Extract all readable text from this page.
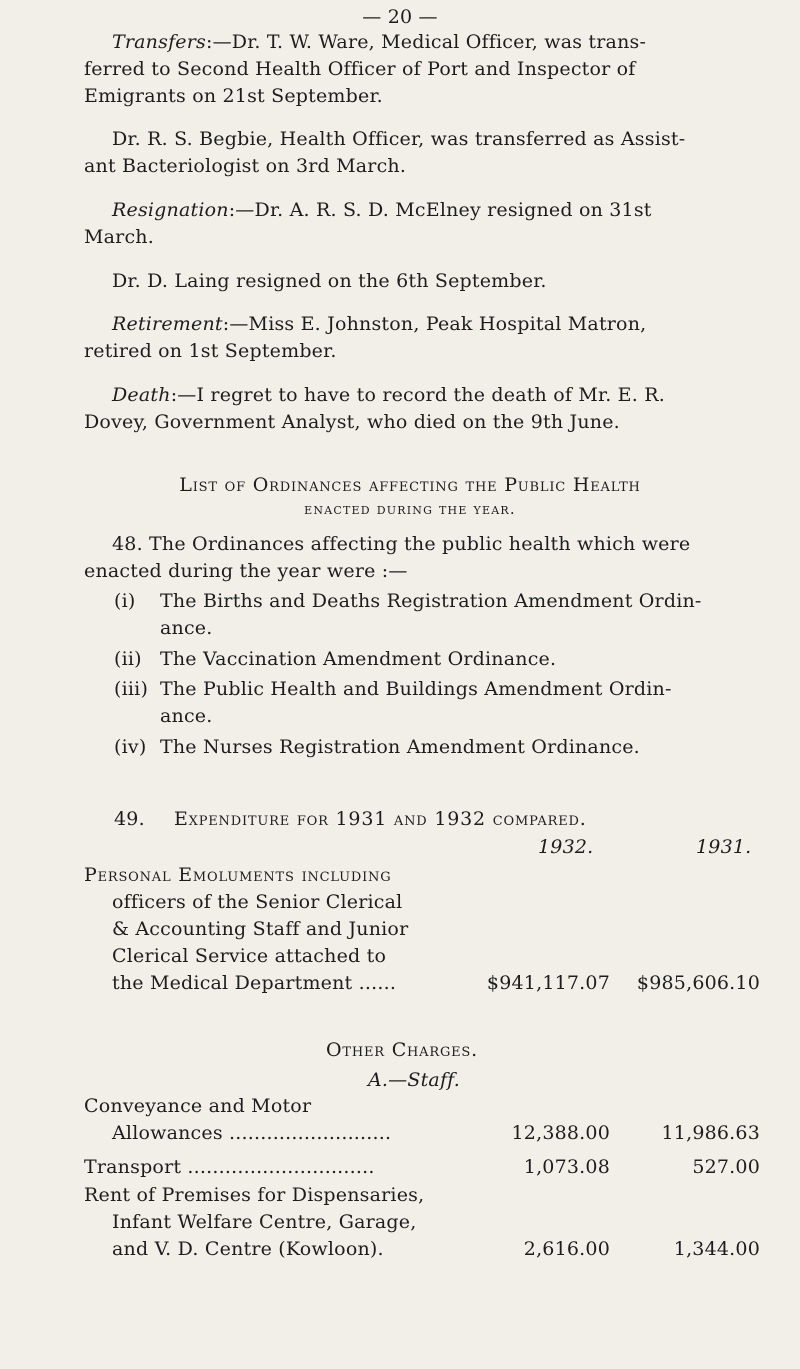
— 20 —
Transfers:—Dr. T. W. Ware, Medical Officer, was trans-
ferred to Second Health Officer of Port and Inspector of
Emigrants on 21st September.
Dr. R. S. Begbie, Health Officer, was transferred as Assist-
ant Bacteriologist on 3rd March.
Resignation:—Dr. A. R. S. D. McElney resigned on 31st
March.
Dr. D. Laing resigned on the 6th September.
Retirement:—Miss E. Johnston, Peak Hospital Matron,
retired on 1st September.
Death:—I regret to have to record the death of Mr. E. R.
Dovey, Government Analyst, who died on the 9th June.
List of Ordinances affecting the Public Health
enacted during the year.
48. The Ordinances affecting the public health which were
enacted during the year were :—
(i) The Births and Deaths Registration Amendment Ordin-
ance.
(ii) The Vaccination Amendment Ordinance.
(iii) The Public Health and Buildings Amendment Ordin-
ance.
(iv) The Nurses Registration Amendment Ordinance.
49. Expenditure for 1931 and 1932 compared.
1932.	1931.
Personal Emoluments including
officers of the Senior Clerical
& Accounting Staff and Junior
Clerical Service attached to
the Medical Department ......	$941,117.07	$985,606.10
Other Charges.
A.—Staff.
Conveyance and Motor
Allowances ..........................	12,388.00	11,986.63
Transport ..............................	1,073.08	527.00
Rent of Premises for Dispensaries,
Infant Welfare Centre, Garage,
and V. D. Centre (Kowloon).	2,616.00	1,344.00
